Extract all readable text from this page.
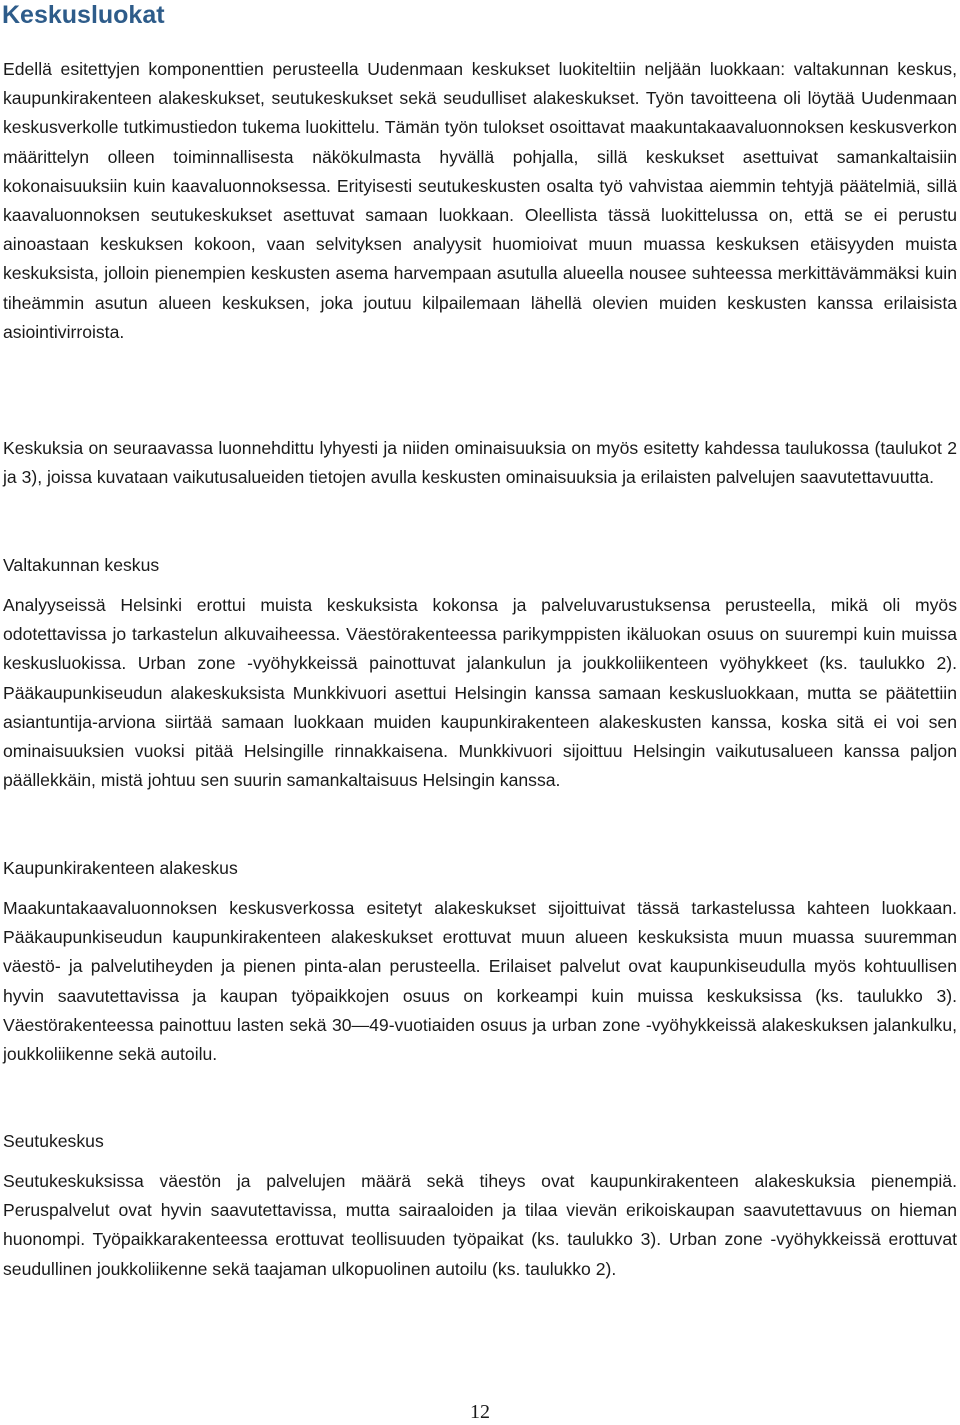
Keskusluokat

Edellä esitettyjen komponenttien perusteella Uudenmaan keskukset luokiteltiin neljään luokkaan: valtakunnan keskus, kaupunkirakenteen alakeskukset, seutukeskukset sekä seudulliset alakeskukset. Työn tavoitteena oli löytää Uudenmaan keskusverkolle tutkimustiedon tukema luokittelu. Tämän työn tulokset osoittavat maakuntakaavaluonnoksen keskusverkon määrittelyn olleen toiminnallisesta näkökulmasta hyvällä pohjalla, sillä keskukset asettuivat samankaltaisiin kokonaisuuksiin kuin kaavaluonnoksessa. Erityisesti seutukeskusten osalta työ vahvistaa aiemmin tehtyjä päätelmiä, sillä kaavaluonnoksen seutukeskukset asettuvat samaan luokkaan. Oleellista tässä luokittelussa on, että se ei perustu ainoastaan keskuksen kokoon, vaan selvityksen analyysit huomioivat muun muassa keskuksen etäisyyden muista keskuksista, jolloin pienempien keskusten asema harvempaan asutulla alueella nousee suhteessa merkittävämmäksi kuin tiheämmin asutun alueen keskuksen, joka joutuu kilpailemaan lähellä olevien muiden keskusten kanssa erilaisista asiointivirroista.

Keskuksia on seuraavassa luonnehdittu lyhyesti ja niiden ominaisuuksia on myös esitetty kahdessa taulukossa (taulukot 2 ja 3), joissa kuvataan vaikutusalueiden tietojen avulla keskusten ominaisuuksia ja erilaisten palvelujen saavutettavuutta.

Valtakunnan keskus

Analyyseissä Helsinki erottui muista keskuksista kokonsa ja palveluvarustuksensa perusteella, mikä oli myös odotettavissa jo tarkastelun alkuvaiheessa. Väestörakenteessa parikymppisten ikäluokan osuus on suurempi kuin muissa keskusluokissa. Urban zone -vyöhykkeissä painottuvat jalankulun ja joukkoliikenteen vyöhykkeet (ks. taulukko 2). Pääkaupunkiseudun alakeskuksista Munkkivuori asettui Helsingin kanssa samaan keskusluokkaan, mutta se päätettiin asiantuntija-arviona siirtää samaan luokkaan muiden kaupunkirakenteen alakeskusten kanssa, koska sitä ei voi sen ominaisuuksien vuoksi pitää Helsingille rinnakkaisena. Munkkivuori sijoittuu Helsingin vaikutusalueen kanssa paljon päällekkäin, mistä johtuu sen suurin samankaltaisuus Helsingin kanssa.

Kaupunkirakenteen alakeskus

Maakuntakaavaluonnoksen keskusverkossa esitetyt alakeskukset sijoittuivat tässä tarkastelussa kahteen luokkaan. Pääkaupunkiseudun kaupunkirakenteen alakeskukset erottuvat muun alueen keskuksista muun muassa suuremman väestö- ja palvelutiheyden ja pienen pinta-alan perusteella. Erilaiset palvelut ovat kaupunkiseudulla myös kohtuullisen hyvin saavutettavissa ja kaupan työpaikkojen osuus on korkeampi kuin muissa keskuksissa (ks. taulukko 3). Väestörakenteessa painottuu lasten sekä 30—49-vuotiaiden osuus ja urban zone -vyöhykkeissä alakeskuksen jalankulku, joukkoliikenne sekä autoilu.

Seutukeskus

Seutukeskuksissa väestön ja palvelujen määrä sekä tiheys ovat kaupunkirakenteen alakeskuksia pienempiä. Peruspalvelut ovat hyvin saavutettavissa, mutta sairaaloiden ja tilaa vievän erikoiskaupan saavutettavuus on hieman huonompi. Työpaikkarakenteessa erottuvat teollisuuden työpaikat (ks. taulukko 3). Urban zone -vyöhykkeissä erottuvat seudullinen joukkoliikenne sekä taajaman ulkopuolinen autoilu (ks. taulukko 2).

12
